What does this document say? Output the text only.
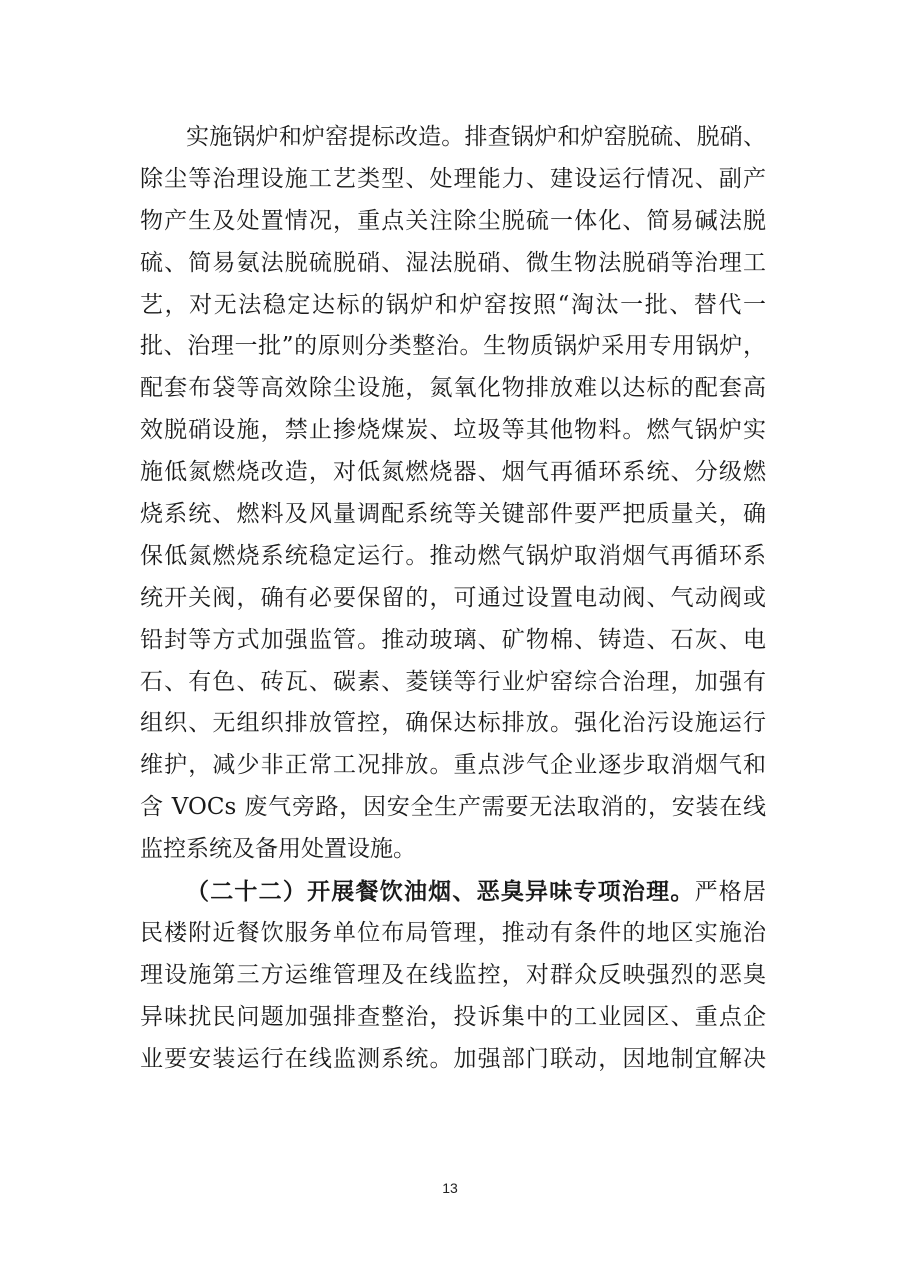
实施锅炉和炉窑提标改造。排查锅炉和炉窑脱硫、脱硝、
除尘等治理设施工艺类型、处理能力、建设运行情况、副产
物产生及处置情况，重点关注除尘脱硫一体化、简易碱法脱
硫、简易氨法脱硫脱硝、湿法脱硝、微生物法脱硝等治理工
艺，对无法稳定达标的锅炉和炉窑按照“淘汰一批、替代一
批、治理一批”的原则分类整治。生物质锅炉采用专用锅炉，
配套布袋等高效除尘设施，氮氧化物排放难以达标的配套高
效脱硝设施，禁止掺烧煤炭、垃圾等其他物料。燃气锅炉实
施低氮燃烧改造，对低氮燃烧器、烟气再循环系统、分级燃
烧系统、燃料及风量调配系统等关键部件要严把质量关，确
保低氮燃烧系统稳定运行。推动燃气锅炉取消烟气再循环系
统开关阀，确有必要保留的，可通过设置电动阀、气动阀或
铅封等方式加强监管。推动玻璃、矿物棉、铸造、石灰、电
石、有色、砖瓦、碳素、菱镁等行业炉窑综合治理，加强有
组织、无组织排放管控，确保达标排放。强化治污设施运行
维护，减少非正常工况排放。重点涉气企业逐步取消烟气和
含 VOCs 废气旁路，因安全生产需要无法取消的，安装在线
监控系统及备用处置设施。
（二十二）开展餐饮油烟、恶臭异味专项治理。严格居
民楼附近餐饮服务单位布局管理，推动有条件的地区实施治
理设施第三方运维管理及在线监控，对群众反映强烈的恶臭
异味扰民问题加强排查整治，投诉集中的工业园区、重点企
业要安装运行在线监测系统。加强部门联动，因地制宜解决
13
